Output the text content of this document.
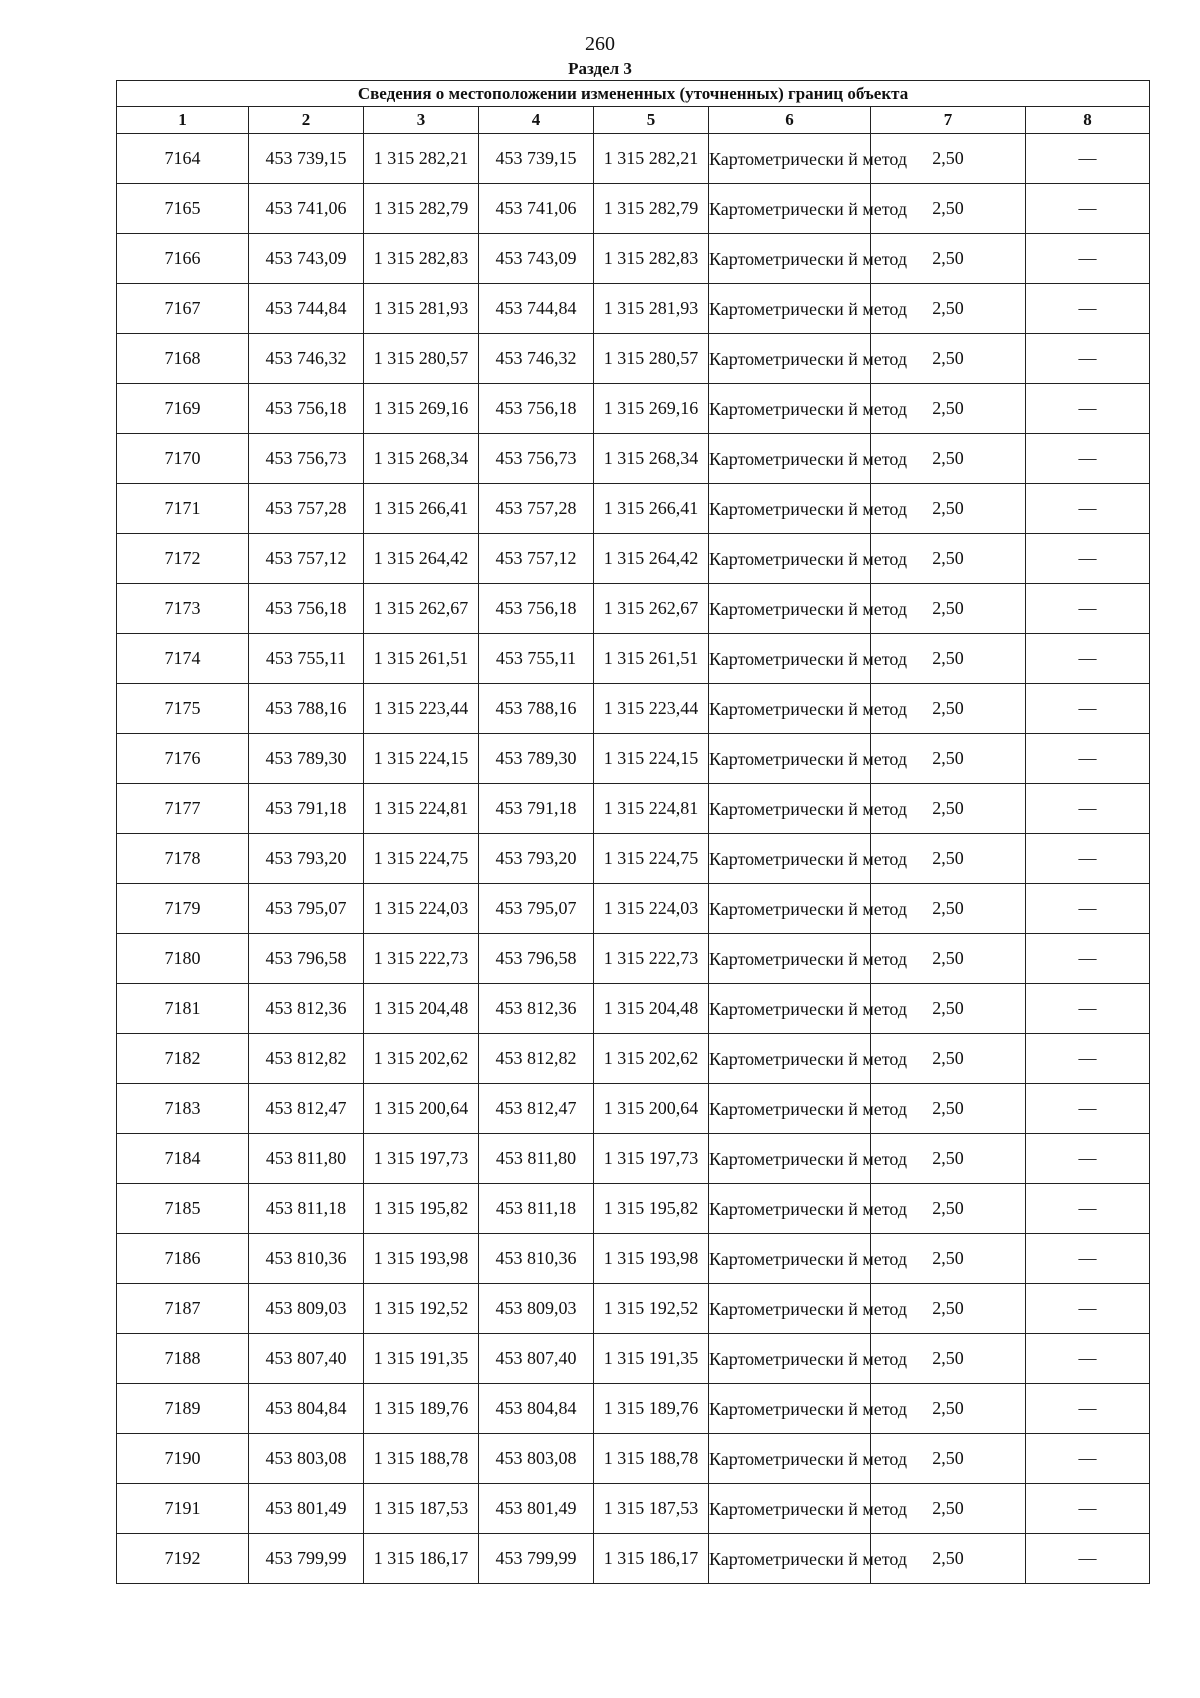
260
Раздел 3
Сведения о местоположении измененных (уточненных) границ объекта							
1	2	3	4	5	6	7	8
7164	453 739,15	1 315 282,21	453 739,15	1 315 282,21	Картометрически й метод	2,50	—
7165	453 741,06	1 315 282,79	453 741,06	1 315 282,79	Картометрически й метод	2,50	—
7166	453 743,09	1 315 282,83	453 743,09	1 315 282,83	Картометрически й метод	2,50	—
7167	453 744,84	1 315 281,93	453 744,84	1 315 281,93	Картометрически й метод	2,50	—
7168	453 746,32	1 315 280,57	453 746,32	1 315 280,57	Картометрически й метод	2,50	—
7169	453 756,18	1 315 269,16	453 756,18	1 315 269,16	Картометрически й метод	2,50	—
7170	453 756,73	1 315 268,34	453 756,73	1 315 268,34	Картометрически й метод	2,50	—
7171	453 757,28	1 315 266,41	453 757,28	1 315 266,41	Картометрически й метод	2,50	—
7172	453 757,12	1 315 264,42	453 757,12	1 315 264,42	Картометрически й метод	2,50	—
7173	453 756,18	1 315 262,67	453 756,18	1 315 262,67	Картометрически й метод	2,50	—
7174	453 755,11	1 315 261,51	453 755,11	1 315 261,51	Картометрически й метод	2,50	—
7175	453 788,16	1 315 223,44	453 788,16	1 315 223,44	Картометрически й метод	2,50	—
7176	453 789,30	1 315 224,15	453 789,30	1 315 224,15	Картометрически й метод	2,50	—
7177	453 791,18	1 315 224,81	453 791,18	1 315 224,81	Картометрически й метод	2,50	—
7178	453 793,20	1 315 224,75	453 793,20	1 315 224,75	Картометрически й метод	2,50	—
7179	453 795,07	1 315 224,03	453 795,07	1 315 224,03	Картометрически й метод	2,50	—
7180	453 796,58	1 315 222,73	453 796,58	1 315 222,73	Картометрически й метод	2,50	—
7181	453 812,36	1 315 204,48	453 812,36	1 315 204,48	Картометрически й метод	2,50	—
7182	453 812,82	1 315 202,62	453 812,82	1 315 202,62	Картометрически й метод	2,50	—
7183	453 812,47	1 315 200,64	453 812,47	1 315 200,64	Картометрически й метод	2,50	—
7184	453 811,80	1 315 197,73	453 811,80	1 315 197,73	Картометрически й метод	2,50	—
7185	453 811,18	1 315 195,82	453 811,18	1 315 195,82	Картометрически й метод	2,50	—
7186	453 810,36	1 315 193,98	453 810,36	1 315 193,98	Картометрически й метод	2,50	—
7187	453 809,03	1 315 192,52	453 809,03	1 315 192,52	Картометрически й метод	2,50	—
7188	453 807,40	1 315 191,35	453 807,40	1 315 191,35	Картометрически й метод	2,50	—
7189	453 804,84	1 315 189,76	453 804,84	1 315 189,76	Картометрически й метод	2,50	—
7190	453 803,08	1 315 188,78	453 803,08	1 315 188,78	Картометрически й метод	2,50	—
7191	453 801,49	1 315 187,53	453 801,49	1 315 187,53	Картометрически й метод	2,50	—
7192	453 799,99	1 315 186,17	453 799,99	1 315 186,17	Картометрически й метод	2,50	—
